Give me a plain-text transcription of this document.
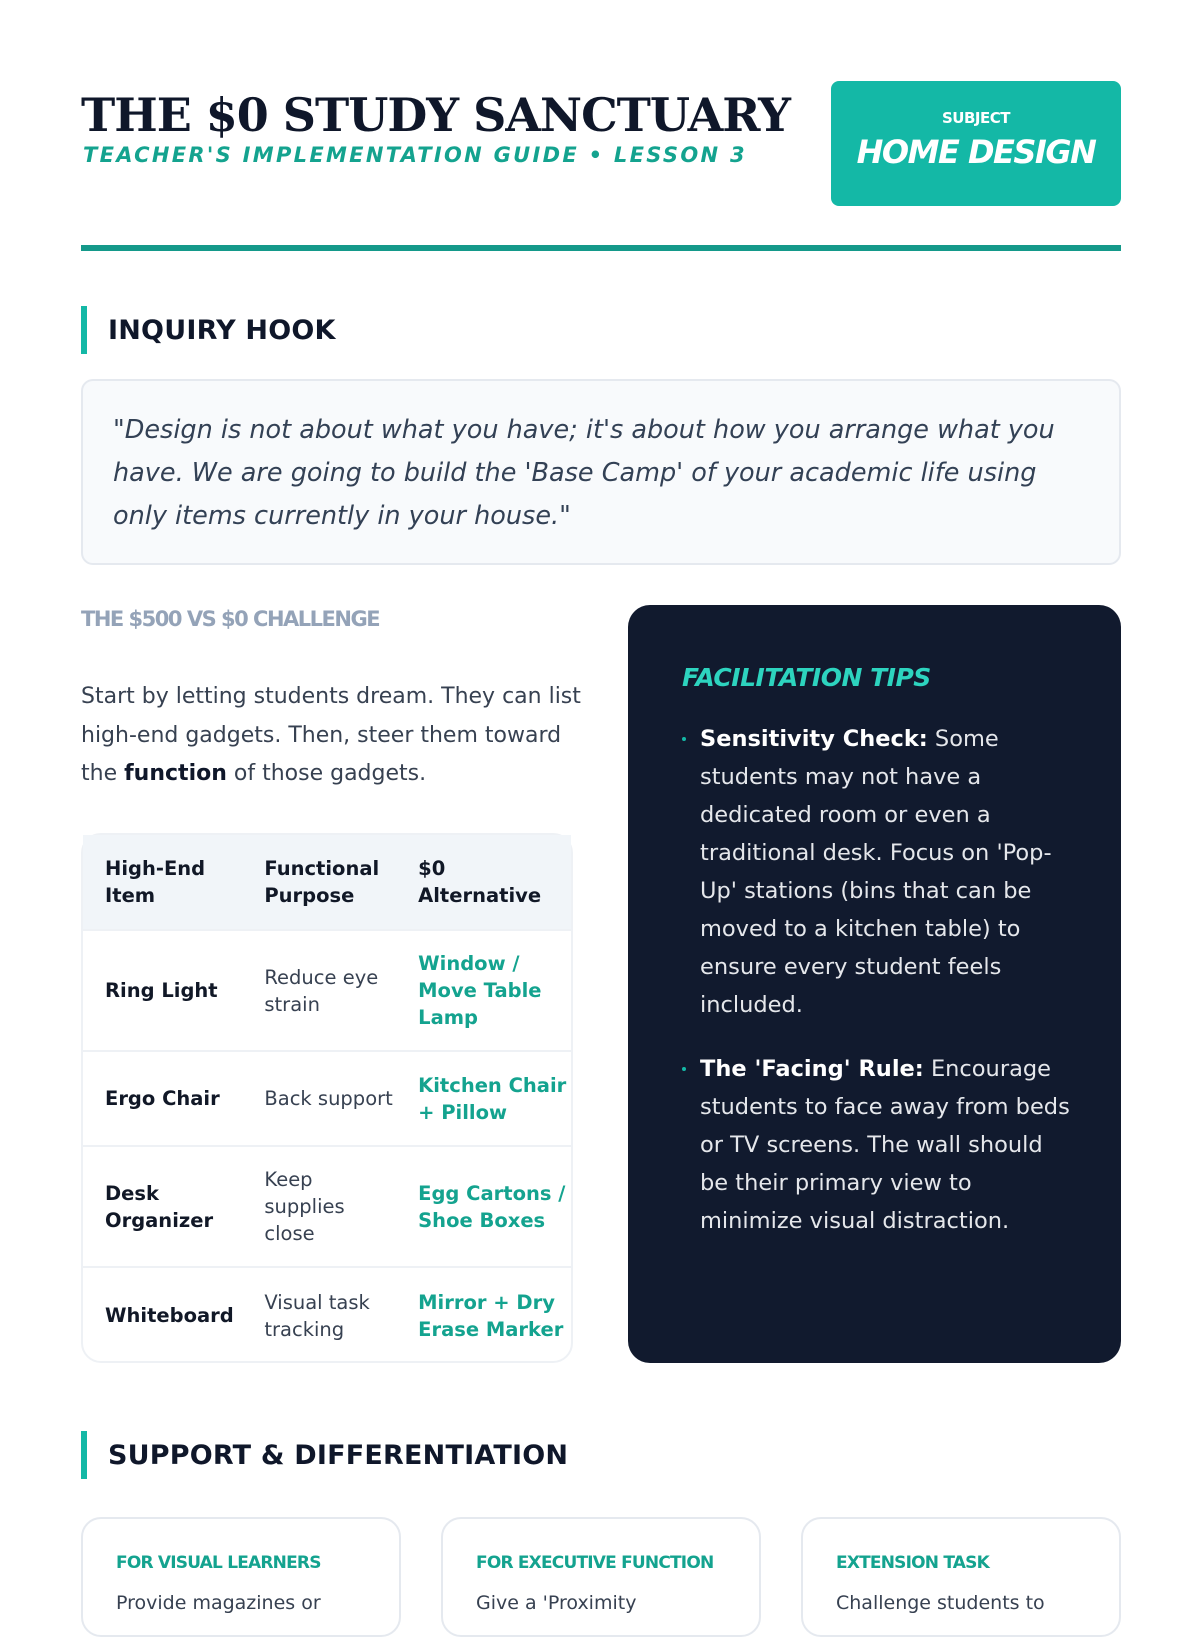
THE $0 STUDY SANCTUARY
TEACHER'S IMPLEMENTATION GUIDE • LESSON 3
SUBJECT
HOME DESIGN
INQUIRY HOOK

"Design is not about what you have; it's about how you arrange what you have. We are going to build the 'Base Camp' of your academic life using only items currently in your house."

THE $500 VS $0 CHALLENGE

Start by letting students dream. They can list high-end gadgets. Then, steer them toward the function of those gadgets.

High-End Item	Functional Purpose	$0 Alternative
Ring Light	Reduce eye strain	Window / Move Table Lamp
Ergo Chair	Back support	Kitchen Chair + Pillow
Desk Organizer	Keep supplies close	Egg Cartons / Shoe Boxes
Whiteboard	Visual task tracking	Mirror + Dry Erase Marker
FACILITATION TIPS
Sensitivity Check: Some students may not have a dedicated room or even a traditional desk. Focus on 'Pop-Up' stations (bins that can be moved to a kitchen table) to ensure every student feels included.
The 'Facing' Rule: Encourage students to face away from beds or TV screens. The wall should be their primary view to minimize visual distraction.
SUPPORT & DIFFERENTIATION
FOR VISUAL LEARNERS
Provide magazines or
FOR EXECUTIVE FUNCTION
Give a 'Proximity
EXTENSION TASK
Challenge students to
